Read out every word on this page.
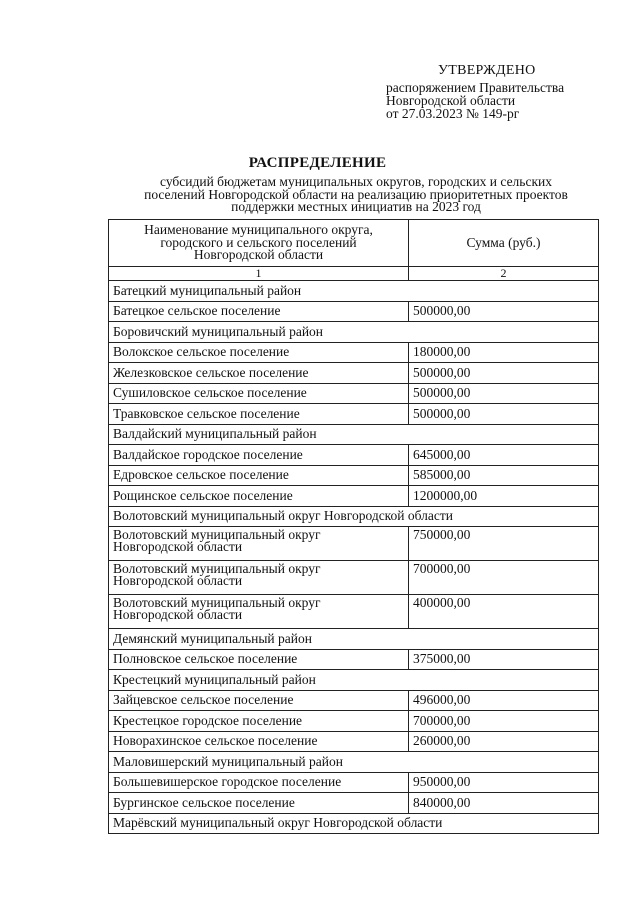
УТВЕРЖДЕНО
распоряжением Правительства
Новгородской области
от 27.03.2023 № 149-рг
РАСПРЕДЕЛЕНИЕ
субсидий бюджетам муниципальных округов, городских и сельских
поселений Новгородской области на реализацию приоритетных проектов
поддержки местных инициатив на 2023 год
Наименование муниципального округа,
городского и сельского поселений
Новгородской области	Сумма (руб.)
1	2
Батецкий муниципальный район	
Батецкое сельское поселение	500000,00
Боровичский муниципальный район	
Волокское сельское поселение	180000,00
Железковское сельское поселение	500000,00
Сушиловское сельское поселение	500000,00
Травковское сельское поселение	500000,00
Валдайский муниципальный район	
Валдайское городское поселение	645000,00
Едровское сельское поселение	585000,00
Рощинское сельское поселение	1200000,00
Волотовский муниципальный округ Новгородской области	

Волотовский муниципальный округ
Новгородской области	750000,00

Волотовский муниципальный округ
Новгородской области	700000,00

Волотовский муниципальный округ
Новгородской области	400000,00
Демянский муниципальный район	
Полновское сельское поселение	375000,00
Крестецкий муниципальный район	
Зайцевское сельское поселение	496000,00
Крестецкое городское поселение	700000,00
Новорахинское сельское поселение	260000,00
Маловишерский муниципальный район	
Большевишерское городское поселение	950000,00
Бургинское сельское поселение	840000,00
Марёвский муниципальный округ Новгородской области	
